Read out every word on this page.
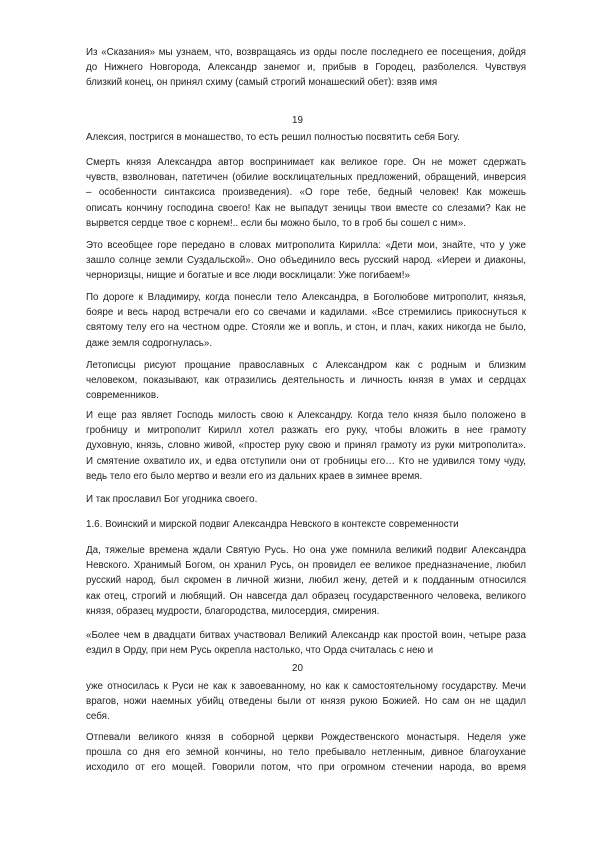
Из «Сказания» мы узнаем, что, возвращаясь из орды после последнего ее посещения, дойдя
до Нижнего Новгорода, Александр занемог и, прибыв в Городец, разболелся. Чувствуя
близкий конец, он принял схиму (самый строгий монашеский обет): взяв имя

19

Алексия, постригся в монашество, то есть решил полностью посвятить себя Богу.

Смерть князя Александра автор воспринимает как великое горе. Он не может сдержать
чувств, взволнован, патетичен (обилие восклицательных предложений, обращений, инверсия
– особенности синтаксиса произведения). «О горе тебе, бедный человек! Как можешь
описать кончину господина своего! Как не выпадут зеницы твои вместе со слезами? Как не
вырвется сердце твое с корнем!.. если бы можно было, то в гроб бы сошел с ним».

Это всеобщее горе передано в словах митрополита Кирилла: «Дети мои, знайте, что у уже
зашло солнце земли Суздальской». Оно объединило весь русский народ. «Иереи и диаконы,
черноризцы, нищие и богатые и все люди восклицали: Уже погибаем!»

По дороге к Владимиру, когда понесли тело Александра, в Боголюбове митрополит, князья,
бояре и весь народ встречали его со свечами и кадилами. «Все стремились прикоснуться к
святому телу его на честном одре. Стояли же и вопль, и стон, и плач, каких никогда не было,
даже земля содрогнулась».

Летописцы рисуют прощание православных с Александром как с родным и близким
человеком, показывают, как отразились деятельность и личность князя в умах и сердцах
современников.

И еще раз являет Господь милость свою к Александру. Когда тело князя было положено в
гробницу и митрополит Кирилл хотел разжать его руку, чтобы вложить в нее грамоту
духовную, князь, словно живой, «простер руку свою и принял грамоту из руки митрополита».
И смятение охватило их, и едва отступили они от гробницы его… Кто не удивился тому чуду,
ведь тело его было мертво и везли его из дальних краев в зимнее время.

И так прославил Бог угодника своего.

1.6. Воинский и мирской подвиг Александра Невского в контексте современности

Да, тяжелые времена ждали Святую Русь. Но она уже помнила великий подвиг Александра
Невского. Хранимый Богом, он хранил Русь, он провидел ее великое предназначение, любил
русский народ, был скромен в личной жизни, любил жену, детей и к подданным относился
как отец, строгий и любящий. Он навсегда дал образец государственного человека, великого
князя, образец мудрости, благородства, милосердия, смирения.

«Более чем в двадцати битвах участвовал Великий Александр как простой воин, четыре раза
ездил в Орду, при нем Русь окрепла настолько, что Орда считалась с нею и

20

уже относилась к Руси не как к завоеванному, но как к самостоятельному государству. Мечи
врагов, ножи наемных убийц отведены были от князя рукою Божией. Но сам он не щадил
себя.

Отпевали великого князя в соборной церкви Рождественского монастыря. Неделя уже
прошла со дня его земной кончины, но тело пребывало нетленным, дивное благоухание
исходило от его мощей. Говорили потом, что при огромном стечении народа, во время
